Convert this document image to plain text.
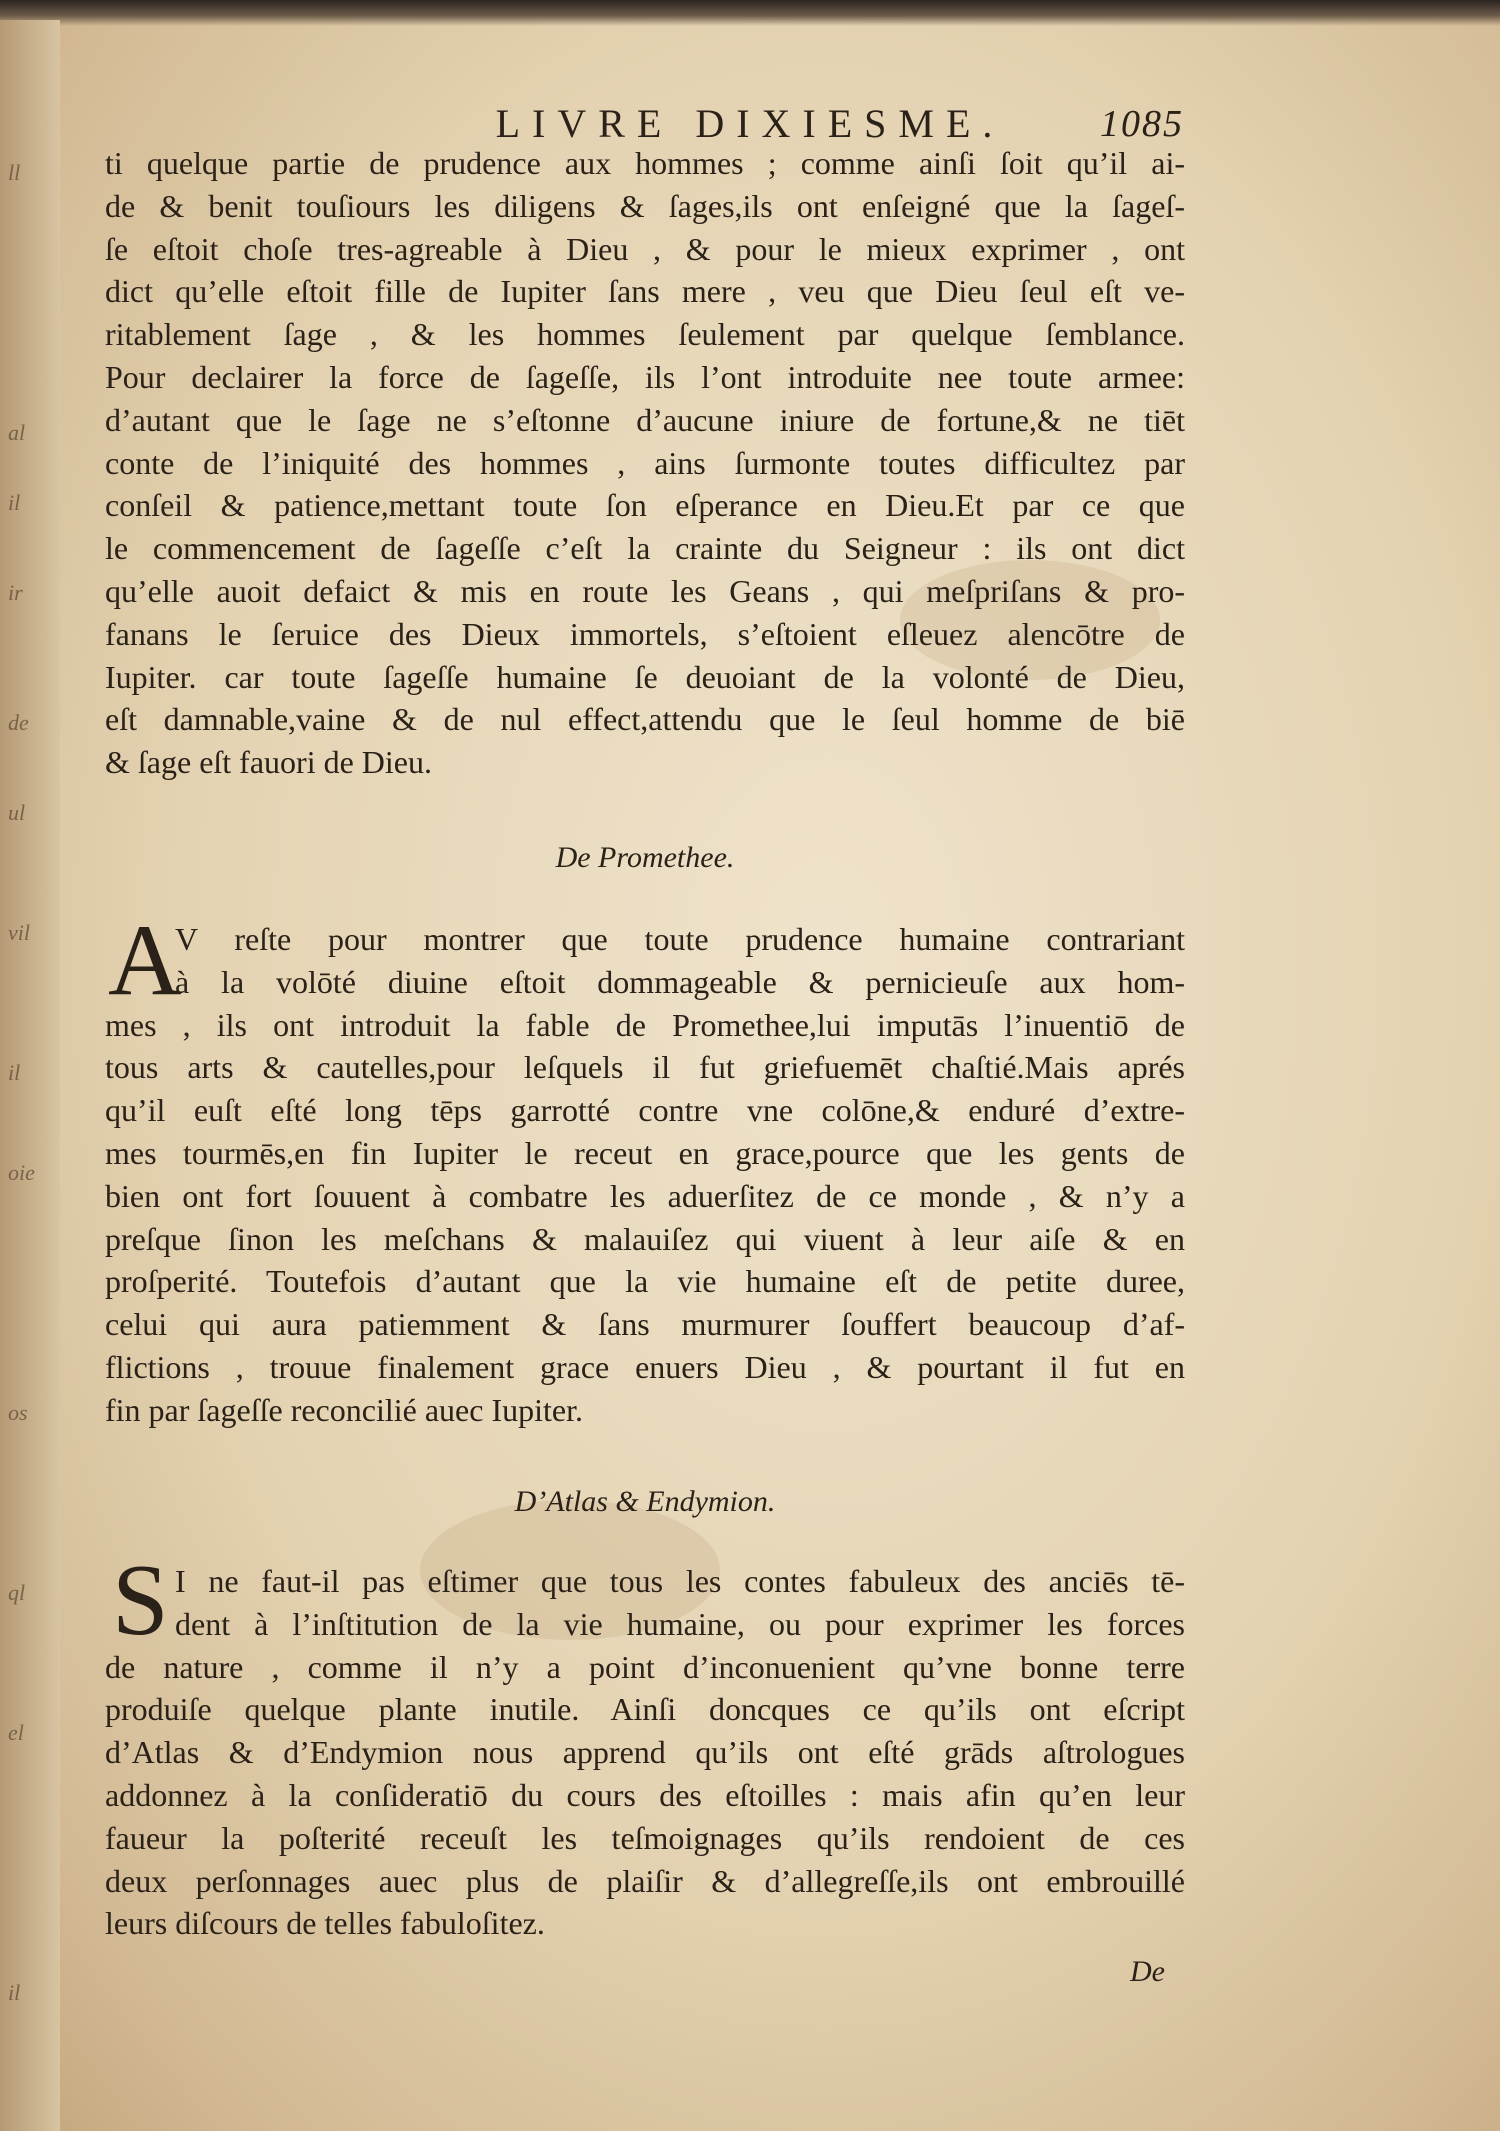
ll
al
il
ir
de
ul
vil
il
oie
os
ql
el
il
LIVRE DIXIESME.	1085
ti quelque partie de prudence aux hommes ; comme ainſi ſoit qu’il ai-
de & benit touſiours les diligens & ſages,ils ont enſeigné que la ſageſ-
ſe eſtoit choſe tres-agreable à Dieu , & pour le mieux exprimer , ont
dict qu’elle eſtoit fille de Iupiter ſans mere , veu que Dieu ſeul eſt ve-
ritablement ſage , & les hommes ſeulement par quelque ſemblance.
Pour declairer la force de ſageſſe, ils l’ont introduite nee toute armee:
d’autant que le ſage ne s’eſtonne d’aucune iniure de fortune,& ne tiēt
conte de l’iniquité des hommes , ains ſurmonte toutes difficultez par
conſeil & patience,mettant toute ſon eſperance en Dieu.Et par ce que
le commencement de ſageſſe c’eſt la crainte du Seigneur : ils ont dict
qu’elle auoit defaict & mis en route les Geans , qui meſpriſans & pro-
fanans le ſeruice des Dieux immortels, s’eſtoient eſleuez alencōtre de
Iupiter. car toute ſageſſe humaine ſe deuoiant de la volonté de Dieu,
eſt damnable,vaine & de nul effect,attendu que le ſeul homme de biē
& ſage eſt fauori de Dieu.
De Promethee.
A
V reſte pour montrer que toute prudence humaine contrariant
à la volōté diuine eſtoit dommageable & pernicieuſe aux hom-
mes , ils ont introduit la fable de Promethee,lui imputās l’inuentiō de
tous arts & cautelles,pour leſquels il fut griefuemēt chaſtié.Mais aprés
qu’il euſt eſté long tēps garrotté contre vne colōne,& enduré d’extre-
mes tourmēs,en fin Iupiter le receut en grace,pource que les gents de
bien ont fort ſouuent à combatre les aduerſitez de ce monde , & n’y a
preſque ſinon les meſchans & malauiſez qui viuent à leur aiſe & en
proſperité. Toutefois d’autant que la vie humaine eſt de petite duree,
celui qui aura patiemment & ſans murmurer ſouffert beaucoup d’af-
flictions , trouue finalement grace enuers Dieu , & pourtant il fut en
fin par ſageſſe reconcilié auec Iupiter.
D’Atlas & Endymion.
S I ne faut-il pas eſtimer que tous les contes fabuleux des anciēs tē-
dent à l’inſtitution de la vie humaine, ou pour exprimer les forces
de nature , comme il n’y a point d’inconuenient qu’vne bonne terre
produiſe quelque plante inutile. Ainſi doncques ce qu’ils ont eſcript
d’Atlas & d’Endymion nous apprend qu’ils ont eſté grāds aſtrologues
addonnez à la conſideratiō du cours des eſtoilles : mais afin qu’en leur
faueur la poſterité receuſt les teſmoignages qu’ils rendoient de ces
deux perſonnages auec plus de plaiſir & d’allegreſſe,ils ont embrouillé
leurs diſcours de telles fabuloſitez.
De
